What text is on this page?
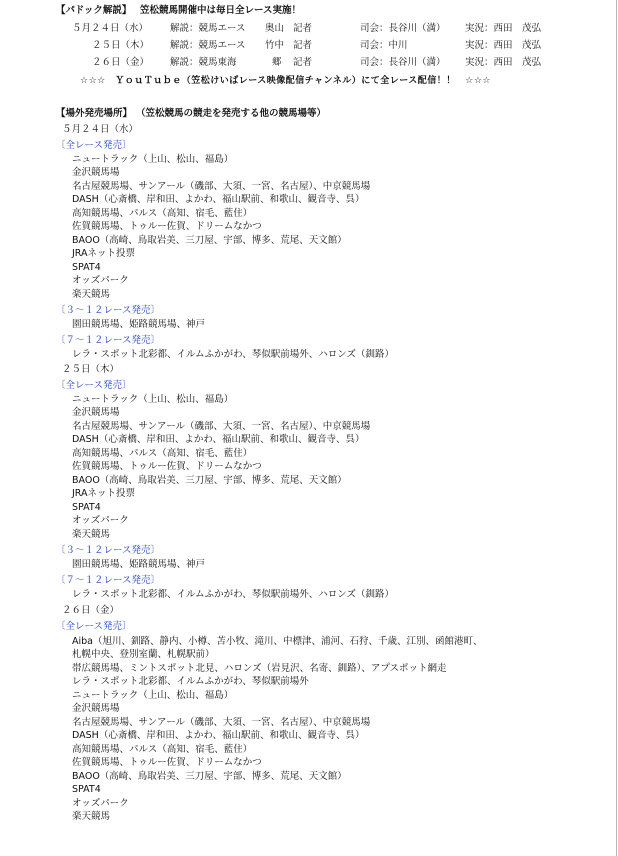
【パドック解説】 笠松競馬開催中は毎日全レース実施！
５月２４日（水） 解説：競馬エース 奥山 記者	司会：長谷川（満） 実況：西田　茂弘
２５日（木） 解説：競馬エース 竹中 記者	司会：中川	実況：西田　茂弘
２６日（金） 解説：競馬東海	郷 記者	司会：長谷川（満） 実況：西田　茂弘
☆☆☆　ＹｏｕＴｕｂｅ（笠松けいばレース映像配信チャンネル）にて全レース配信！！　☆☆☆
【場外発売場所】 （笠松競馬の競走を発売する他の競馬場等）
５月２４日（水）
〔全レース発売〕
ニュートラック（上山、松山、福島）
金沢競馬場
名古屋競馬場、サンアール（磯部、大須、一宮、名古屋）、中京競馬場
DASH（心斎橋、岸和田、よかわ、福山駅前、和歌山、観音寺、呉）
高知競馬場、パルス（高知、宿毛、藍住）
佐賀競馬場、トゥルー佐賀、ドリームなかつ
BAOO（高崎、鳥取岩美、三刀屋、宇部、博多、荒尾、天文館）
JRAネット投票
SPAT4
オッズパーク
楽天競馬
〔３～１２レース発売〕
園田競馬場、姫路競馬場、神戸
〔７～１２レース発売〕
レラ・スポット北彩都、イルムふかがわ、琴似駅前場外、ハロンズ（釧路）
２５日（木）
〔全レース発売〕
ニュートラック（上山、松山、福島）
金沢競馬場
名古屋競馬場、サンアール（磯部、大須、一宮、名古屋）、中京競馬場
DASH（心斎橋、岸和田、よかわ、福山駅前、和歌山、観音寺、呉）
高知競馬場、パルス（高知、宿毛、藍住）
佐賀競馬場、トゥルー佐賀、ドリームなかつ
BAOO（高崎、鳥取岩美、三刀屋、宇部、博多、荒尾、天文館）
JRAネット投票
SPAT4
オッズパーク
楽天競馬
〔３～１２レース発売〕
園田競馬場、姫路競馬場、神戸
〔７～１２レース発売〕
レラ・スポット北彩都、イルムふかがわ、琴似駅前場外、ハロンズ（釧路）
２６日（金）
〔全レース発売〕
Aiba（旭川、釧路、静内、小樽、苫小牧、滝川、中標津、浦河、石狩、千歳、江別、函館港町、
札幌中央、登別室蘭、札幌駅前）
帯広競馬場、ミントスポット北見、ハロンズ（岩見沢、名寄、釧路）、アプスポット網走
レラ・スポット北彩都、イルムふかがわ、琴似駅前場外
ニュートラック（上山、松山、福島）
金沢競馬場
名古屋競馬場、サンアール（磯部、大須、一宮、名古屋）、中京競馬場
DASH（心斎橋、岸和田、よかわ、福山駅前、和歌山、観音寺、呉）
高知競馬場、パルス（高知、宿毛、藍住）
佐賀競馬場、トゥルー佐賀、ドリームなかつ
BAOO（高崎、鳥取岩美、三刀屋、宇部、博多、荒尾、天文館）
SPAT4
オッズパーク
楽天競馬
